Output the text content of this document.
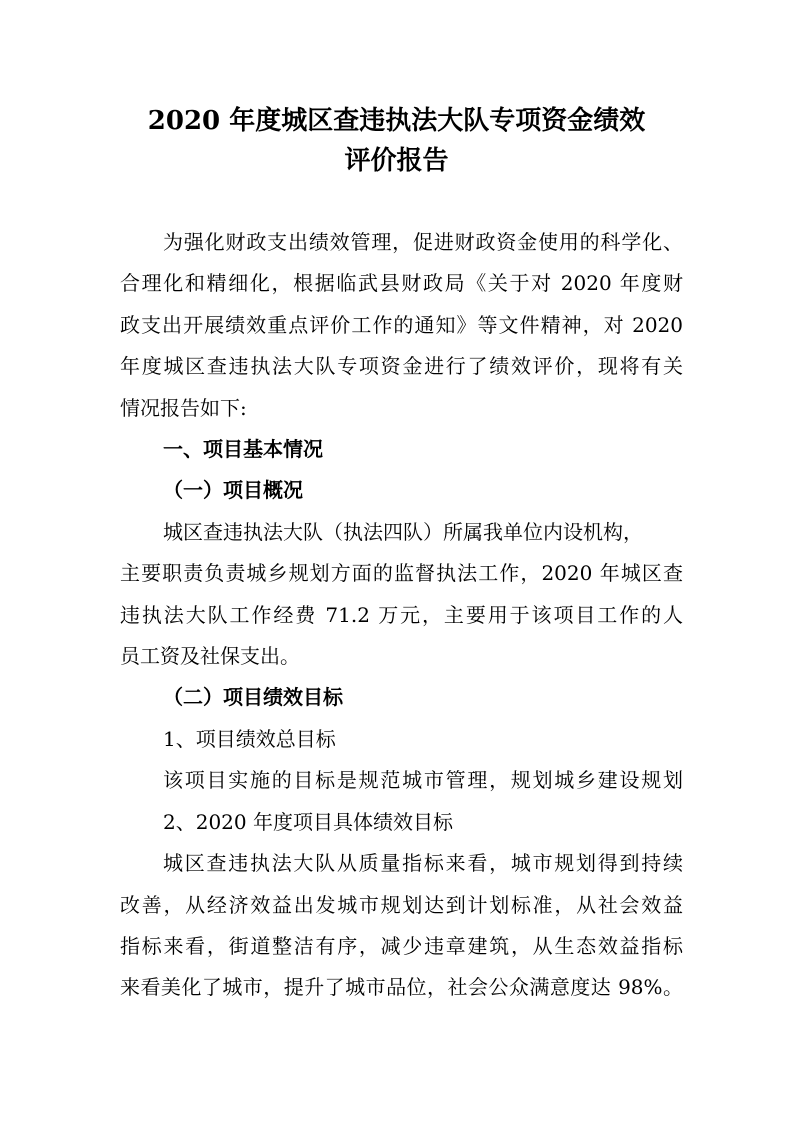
2020 年度城区查违执法大队专项资金绩效
评价报告
为强化财政支出绩效管理，促进财政资金使用的科学化、
合理化和精细化，根据临武县财政局《关于对 2020 年度财
政支出开展绩效重点评价工作的通知》等文件精神，对 2020
年度城区查违执法大队专项资金进行了绩效评价，现将有关
情况报告如下:
一、项目基本情况
（一）项目概况
城区查违执法大队（执法四队）所属我单位内设机构，
主要职责负责城乡规划方面的监督执法工作，2020 年城区查
违执法大队工作经费 71.2 万元，主要用于该项目工作的人
员工资及社保支出。
（二）项目绩效目标
1、项目绩效总目标
该项目实施的目标是规范城市管理，规划城乡建设规划
2、2020 年度项目具体绩效目标
城区查违执法大队从质量指标来看，城市规划得到持续
改善，从经济效益出发城市规划达到计划标准，从社会效益
指标来看，街道整洁有序，减少违章建筑，从生态效益指标
来看美化了城市，提升了城市品位，社会公众满意度达 98%。
